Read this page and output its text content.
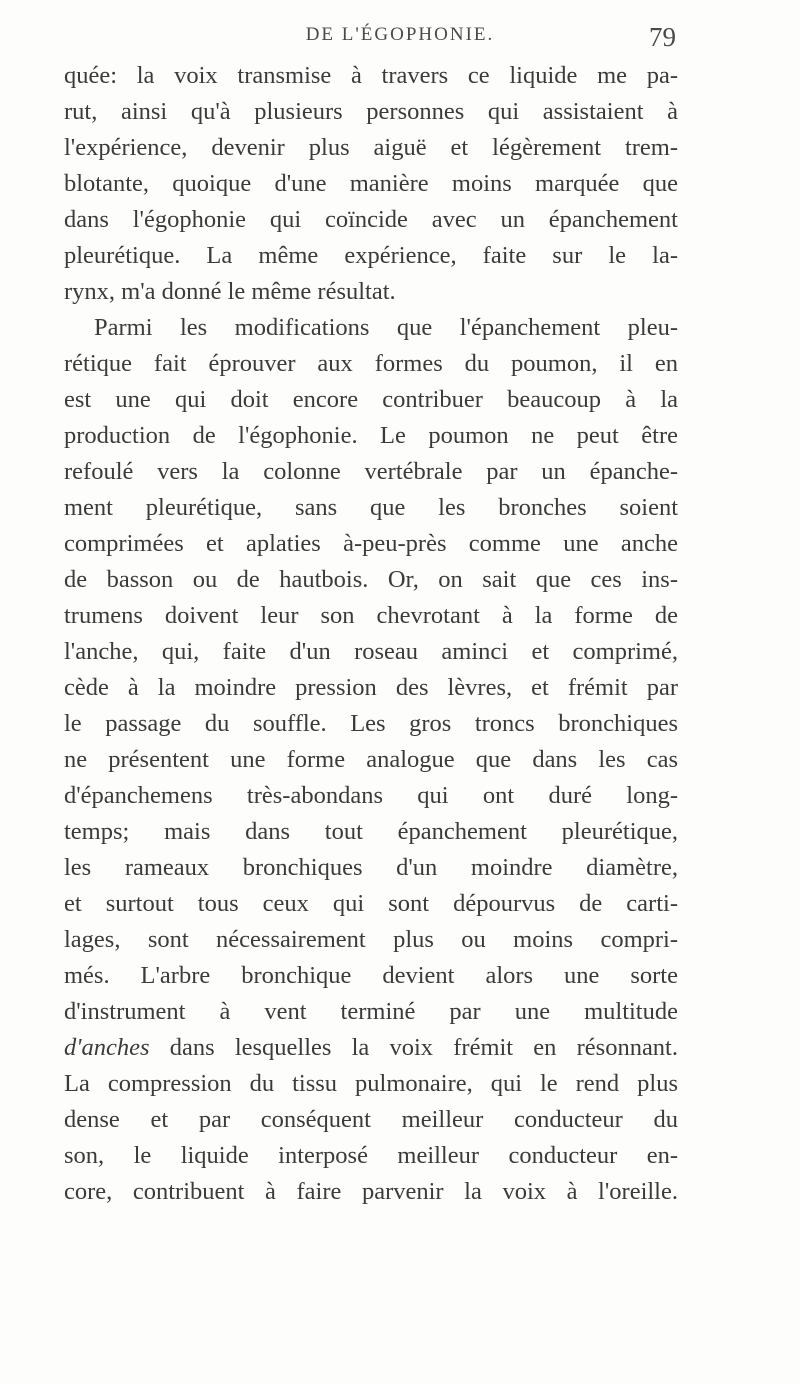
DE L'ÉGOPHONIE.	79
quée: la voix transmise à travers ce liquide me pa-
rut, ainsi qu'à plusieurs personnes qui assistaient à
l'expérience, devenir plus aiguë et légèrement trem-
blotante, quoique d'une manière moins marquée que
dans l'égophonie qui coïncide avec un épanchement
pleurétique. La même expérience, faite sur le la-
rynx, m'a donné le même résultat.
Parmi les modifications que l'épanchement pleu-
rétique fait éprouver aux formes du poumon, il en
est une qui doit encore contribuer beaucoup à la
production de l'égophonie. Le poumon ne peut être
refoulé vers la colonne vertébrale par un épanche-
ment pleurétique, sans que les bronches soient
comprimées et aplaties à-peu-près comme une anche
de basson ou de hautbois. Or, on sait que ces ins-
trumens doivent leur son chevrotant à la forme de
l'anche, qui, faite d'un roseau aminci et comprimé,
cède à la moindre pression des lèvres, et frémit par
le passage du souffle. Les gros troncs bronchiques
ne présentent une forme analogue que dans les cas
d'épanchemens très-abondans qui ont duré long-
temps; mais dans tout épanchement pleurétique,
les rameaux bronchiques d'un moindre diamètre,
et surtout tous ceux qui sont dépourvus de carti-
lages, sont nécessairement plus ou moins compri-
més. L'arbre bronchique devient alors une sorte
d'instrument à vent terminé par une multitude
d'anches dans lesquelles la voix frémit en résonnant.
La compression du tissu pulmonaire, qui le rend plus
dense et par conséquent meilleur conducteur du
son, le liquide interposé meilleur conducteur en-
core, contribuent à faire parvenir la voix à l'oreille.
